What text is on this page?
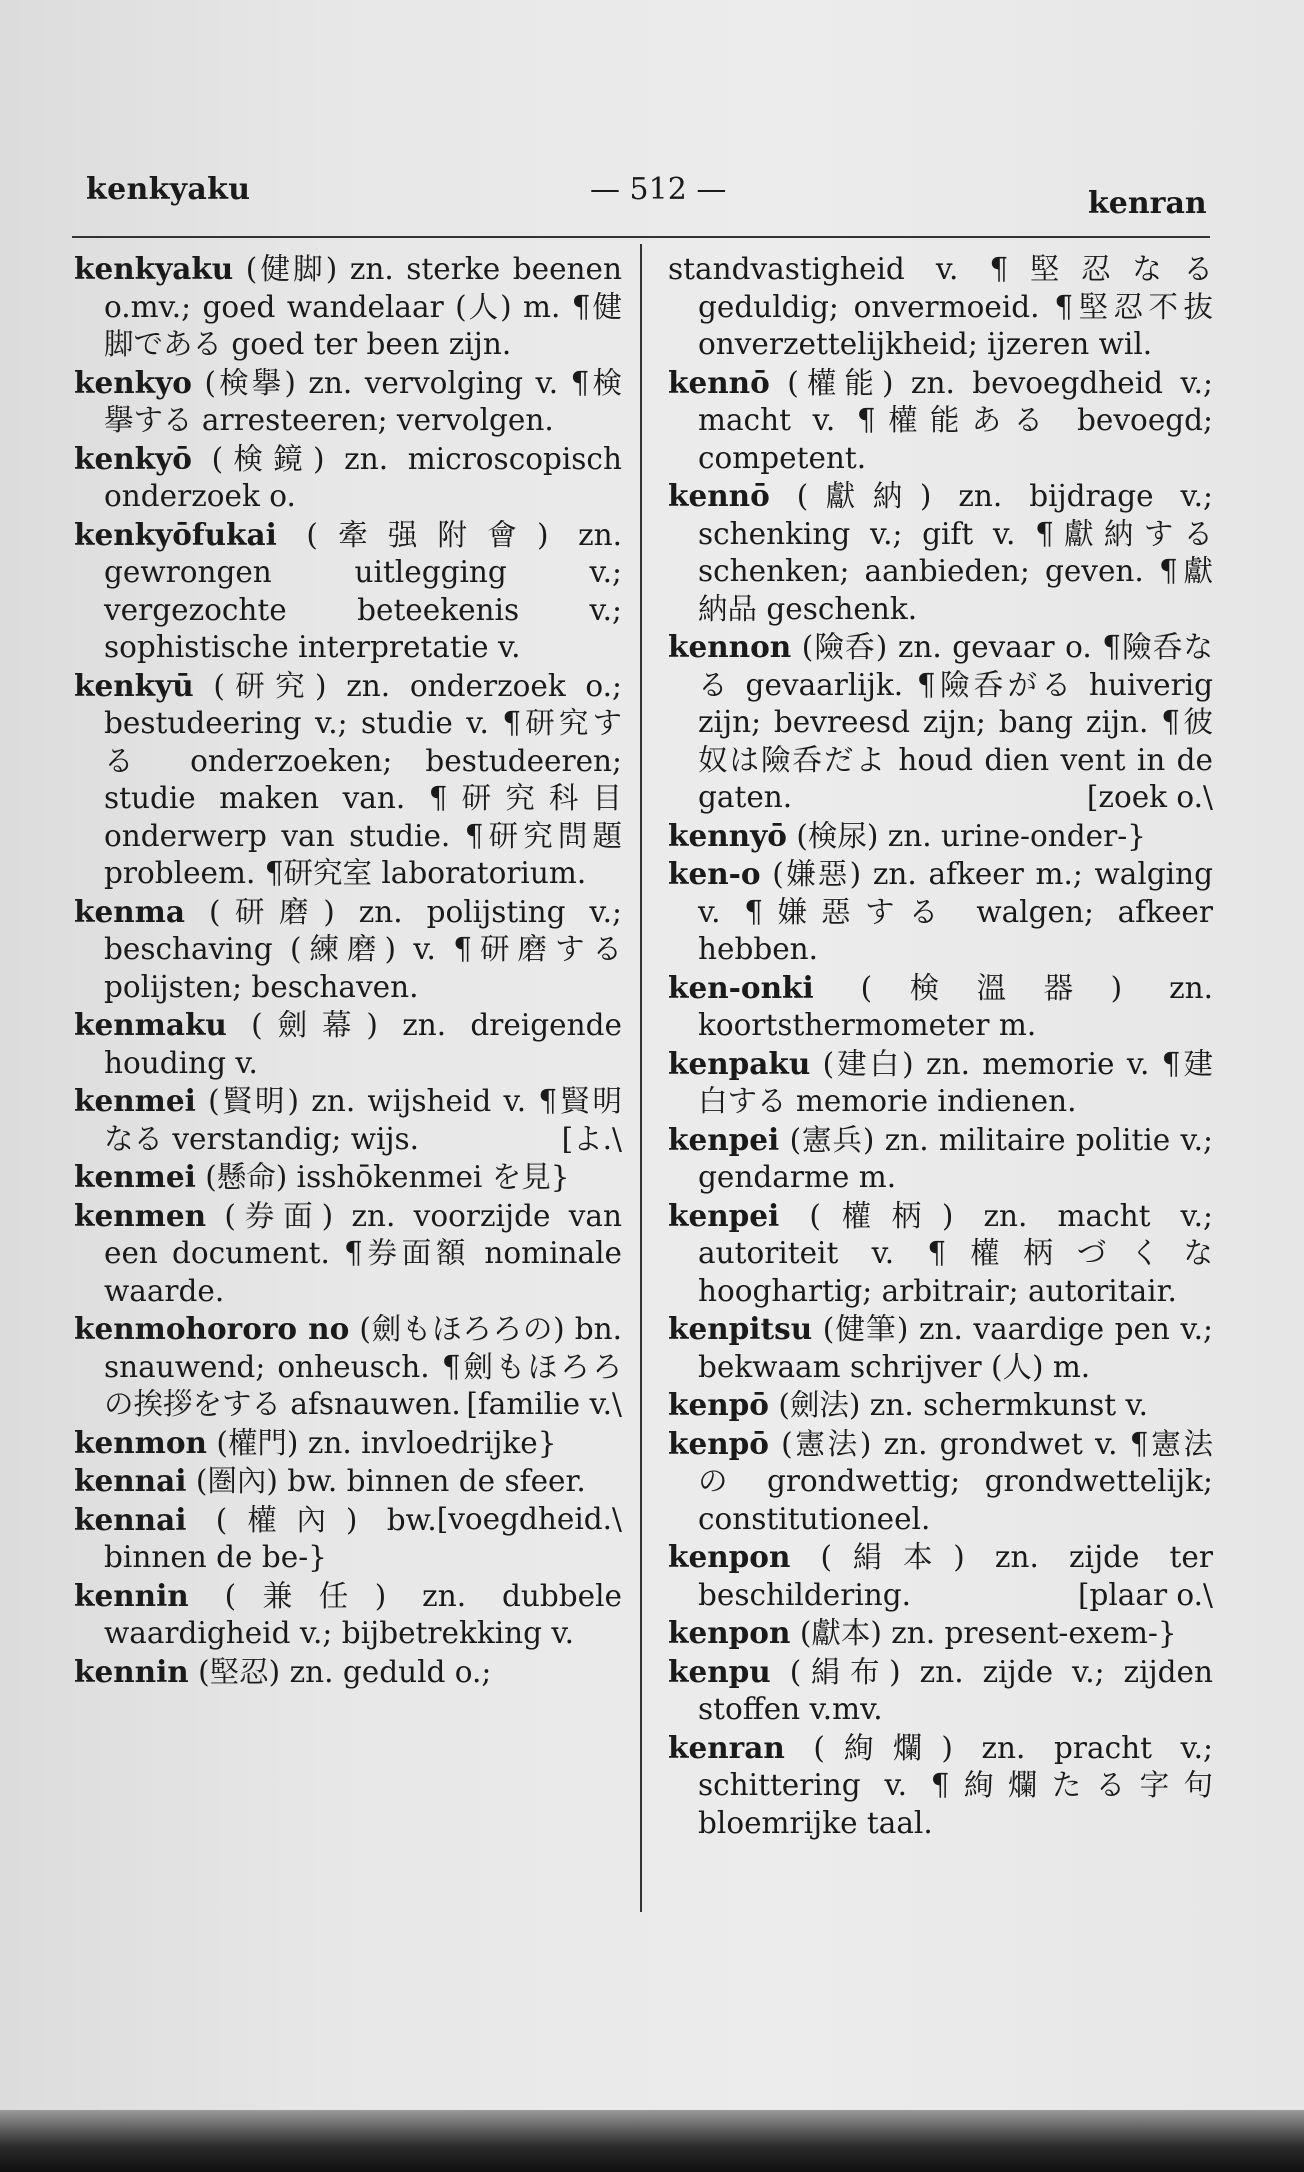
kenkyaku	— 512 —	kenran

kenkyaku (健脚) zn. sterke beenen o.mv.; goed wandelaar (人) m. ¶健脚である goed ter been zijn.

kenkyo (検擧) zn. vervolging v. ¶検擧する arresteeren; vervolgen.

kenkyō (検鏡) zn. microscopisch onderzoek o.

kenkyōfukai (牽强附會) zn. gewrongen uitlegging v.; vergezochte beteekenis v.; sophistische interpretatie v.

kenkyū (研究) zn. onderzoek o.; bestudeering v.; studie v. ¶研究する onderzoeken; bestudeeren; studie maken van. ¶研究科目 onderwerp van studie. ¶研究問題 probleem. ¶研究室 laboratorium.

kenma (研磨) zn. polijsting v.; beschaving (練磨) v. ¶研磨する polijsten; beschaven.

kenmaku (劍幕) zn. dreigende houding v.

kenmei (賢明) zn. wijsheid v. ¶賢明なる verstandig; wijs.	[よ.\

kenmei (懸命) isshōkenmei を見}

kenmen (券面) zn. voorzijde van een document. ¶券面額 nominale waarde.

kenmohororo no (劍もほろろの) bn. snauwend; onheusch. ¶劍もほろろの挨拶をする afsnauwen. [familie v.\

kenmon (權門) zn. invloedrijke}

kennai (圏內) bw. binnen de sfeer.
[voegdheid.\

kennai (權內) bw. binnen de be-}

kennin (兼任) zn. dubbele waardigheid v.; bijbetrekking v.

kennin (堅忍) zn. geduld o.;

standvastigheid v. ¶堅忍なる geduldig; onvermoeid. ¶堅忍不抜 onverzettelijkheid; ijzeren wil.

kennō (權能) zn. bevoegdheid v.; macht v. ¶權能ある bevoegd; competent.

kennō (獻納) zn. bijdrage v.; schenking v.; gift v. ¶獻納する schenken; aanbieden; geven. ¶獻納品 geschenk.

kennon (險呑) zn. gevaar o. ¶險呑なる gevaarlijk. ¶險呑がる huiverig zijn; bevreesd zijn; bang zijn. ¶彼奴は險呑だよ houd dien vent in de gaten.	[zoek o.\

kennyō (検尿) zn. urine-onder-}

ken-o (嫌惡) zn. afkeer m.; walging v. ¶嫌惡する walgen; afkeer hebben.

ken-onki (検溫器) zn. koortsthermometer m.

kenpaku (建白) zn. memorie v. ¶建白する memorie indienen.

kenpei (憲兵) zn. militaire politie v.; gendarme m.

kenpei (權柄) zn. macht v.; autoriteit v. ¶權柄づくな hooghartig; arbitrair; autoritair.

kenpitsu (健筆) zn. vaardige pen v.; bekwaam schrijver (人) m.

kenpō (劍法) zn. schermkunst v.

kenpō (憲法) zn. grondwet v. ¶憲法の grondwettig; grondwettelijk; constitutioneel.

kenpon (絹本) zn. zijde ter beschildering.	[plaar o.\

kenpon (獻本) zn. present-exem-}

kenpu (絹布) zn. zijde v.; zijden stoffen v.mv.

kenran (絢爛) zn. pracht v.; schittering v. ¶絢爛たる字句 bloemrijke taal.
